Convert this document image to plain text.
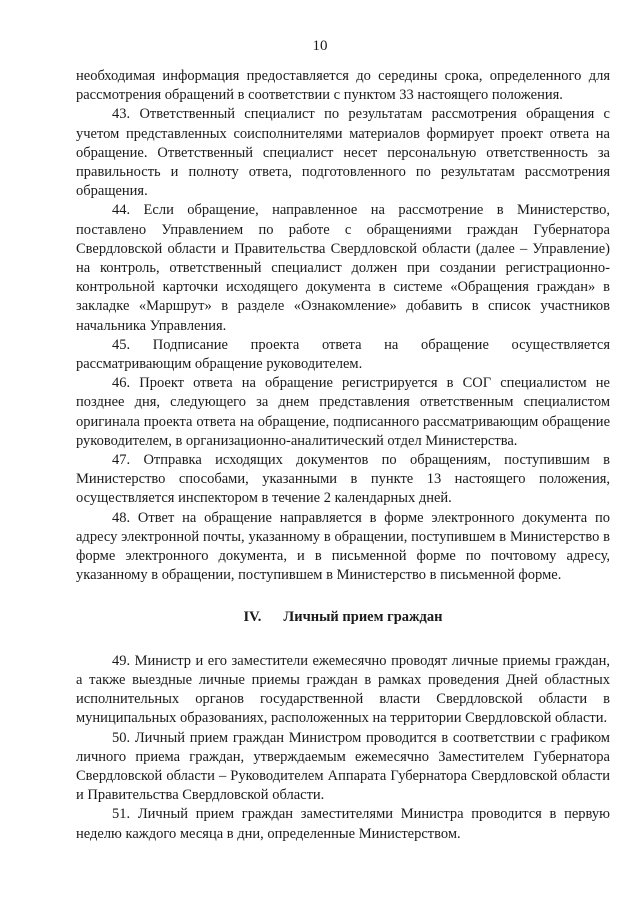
10

необходимая информация предоставляется до середины срока, определенного для рассмотрения обращений в соответствии с пунктом 33 настоящего положения.

43. Ответственный специалист по результатам рассмотрения обращения с учетом представленных соисполнителями материалов формирует проект ответа на обращение. Ответственный специалист несет персональную ответственность за правильность и полноту ответа, подготовленного по результатам рассмотрения обращения.

44. Если обращение, направленное на рассмотрение в Министерство, поставлено Управлением по работе с обращениями граждан Губернатора Свердловской области и Правительства Свердловской области (далее – Управление) на контроль, ответственный специалист должен при создании регистрационно-контрольной карточки исходящего документа в системе «Обращения граждан» в закладке «Маршрут» в разделе «Ознакомление» добавить в список участников начальника Управления.

45. Подписание проекта ответа на обращение осуществляется рассматривающим обращение руководителем.

46. Проект ответа на обращение регистрируется в СОГ специалистом не позднее дня, следующего за днем представления ответственным специалистом оригинала проекта ответа на обращение, подписанного рассматривающим обращение руководителем, в организационно-аналитический отдел Министерства.

47. Отправка исходящих документов по обращениям, поступившим в Министерство способами, указанными в пункте 13 настоящего положения, осуществляется инспектором в течение 2 календарных дней.

48. Ответ на обращение направляется в форме электронного документа по адресу электронной почты, указанному в обращении, поступившем в Министерство в форме электронного документа, и в письменной форме по почтовому адресу, указанному в обращении, поступившем в Министерство в письменной форме.

IV. Личный прием граждан

49. Министр и его заместители ежемесячно проводят личные приемы граждан, а также выездные личные приемы граждан в рамках проведения Дней областных исполнительных органов государственной власти Свердловской области в муниципальных образованиях, расположенных на территории Свердловской области.

50. Личный прием граждан Министром проводится в соответствии с графиком личного приема граждан, утверждаемым ежемесячно Заместителем Губернатора Свердловской области – Руководителем Аппарата Губернатора Свердловской области и Правительства Свердловской области.

51. Личный прием граждан заместителями Министра проводится в первую неделю каждого месяца в дни, определенные Министерством.
